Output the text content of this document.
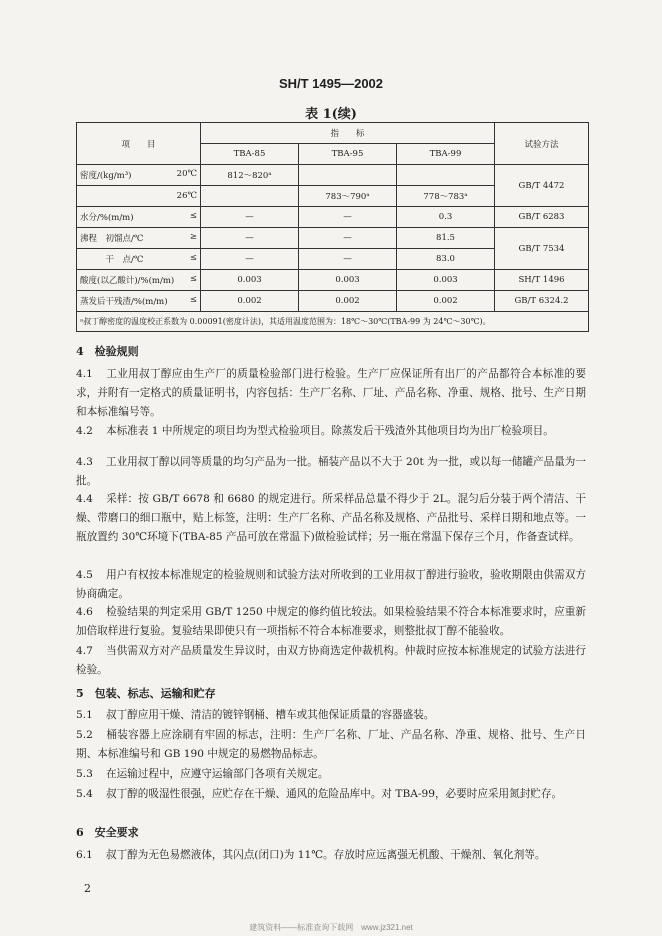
SH/T 1495—2002
表 1(续)
项　　目	指　　标			试验方法
	TBA-85	TBA-95	TBA-99	

密度/(kg/m³) 20℃	812～820ᵃ			GB/T 4472
26℃		783～790ᵃ	778～783ᵃ	

水分/%(m/m) ≤	—	—	0.3	GB/T 6283

沸程　初馏点/℃ ≥	—	—	81.5	GB/T 7534

　　　干　点/℃ ≤	—	—	83.0	

酸度(以乙酸计)/%(m/m) ≤	0.003	0.003	0.003	SH/T 1496

蒸发后干残渣/%(m/m) ≤	0.002	0.002	0.002	GB/T 6324.2
ᵃ叔丁醇密度的温度校正系数为 0.00091(密度计法)，其适用温度范围为：18℃～30℃(TBA-99 为 24℃～30℃)。				
4　检验规则

4.1 工业用叔丁醇应由生产厂的质量检验部门进行检验。生产厂应保证所有出厂的产品都符合本标准的要求，并附有一定格式的质量证明书，内容包括：生产厂名称、厂址、产品名称、净重、规格、批号、生产日期和本标准编号等。

4.2 本标准表 1 中所规定的项目均为型式检验项目。除蒸发后干残渣外其他项目均为出厂检验项目。

4.3 工业用叔丁醇以同等质量的均匀产品为一批。桶装产品以不大于 20t 为一批，或以每一储罐产品量为一批。

4.4 采样：按 GB/T 6678 和 6680 的规定进行。所采样品总量不得少于 2L。混匀后分装于两个清洁、干燥、带磨口的细口瓶中，贴上标签，注明：生产厂名称、产品名称及规格、产品批号、采样日期和地点等。一瓶放置约 30℃环境下(TBA-85 产品可放在常温下)做检验试样；另一瓶在常温下保存三个月，作备查试样。

4.5 用户有权按本标准规定的检验规则和试验方法对所收到的工业用叔丁醇进行验收，验收期限由供需双方协商确定。

4.6 检验结果的判定采用 GB/T 1250 中规定的修约值比较法。如果检验结果不符合本标准要求时，应重新加倍取样进行复验。复验结果即使只有一项指标不符合本标准要求，则整批叔丁醇不能验收。

4.7 当供需双方对产品质量发生异议时，由双方协商选定仲裁机构。仲裁时应按本标准规定的试验方法进行检验。

5　包装、标志、运输和贮存

5.1 叔丁醇应用干燥、清洁的镀锌钢桶、槽车或其他保证质量的容器盛装。

5.2 桶装容器上应涂刷有牢固的标志，注明：生产厂名称、厂址、产品名称、净重、规格、批号、生产日期、本标准编号和 GB 190 中规定的易燃物品标志。

5.3 在运输过程中，应遵守运输部门各项有关规定。

5.4 叔丁醇的吸湿性很强，应贮存在干燥、通风的危险品库中。对 TBA-99，必要时应采用氮封贮存。

6　安全要求

6.1 叔丁醇为无色易燃液体，其闪点(闭口)为 11℃。存放时应远离强无机酸、干燥剂、氧化剂等。

2
建筑资料——标准查询下载网　www.jz321.net
